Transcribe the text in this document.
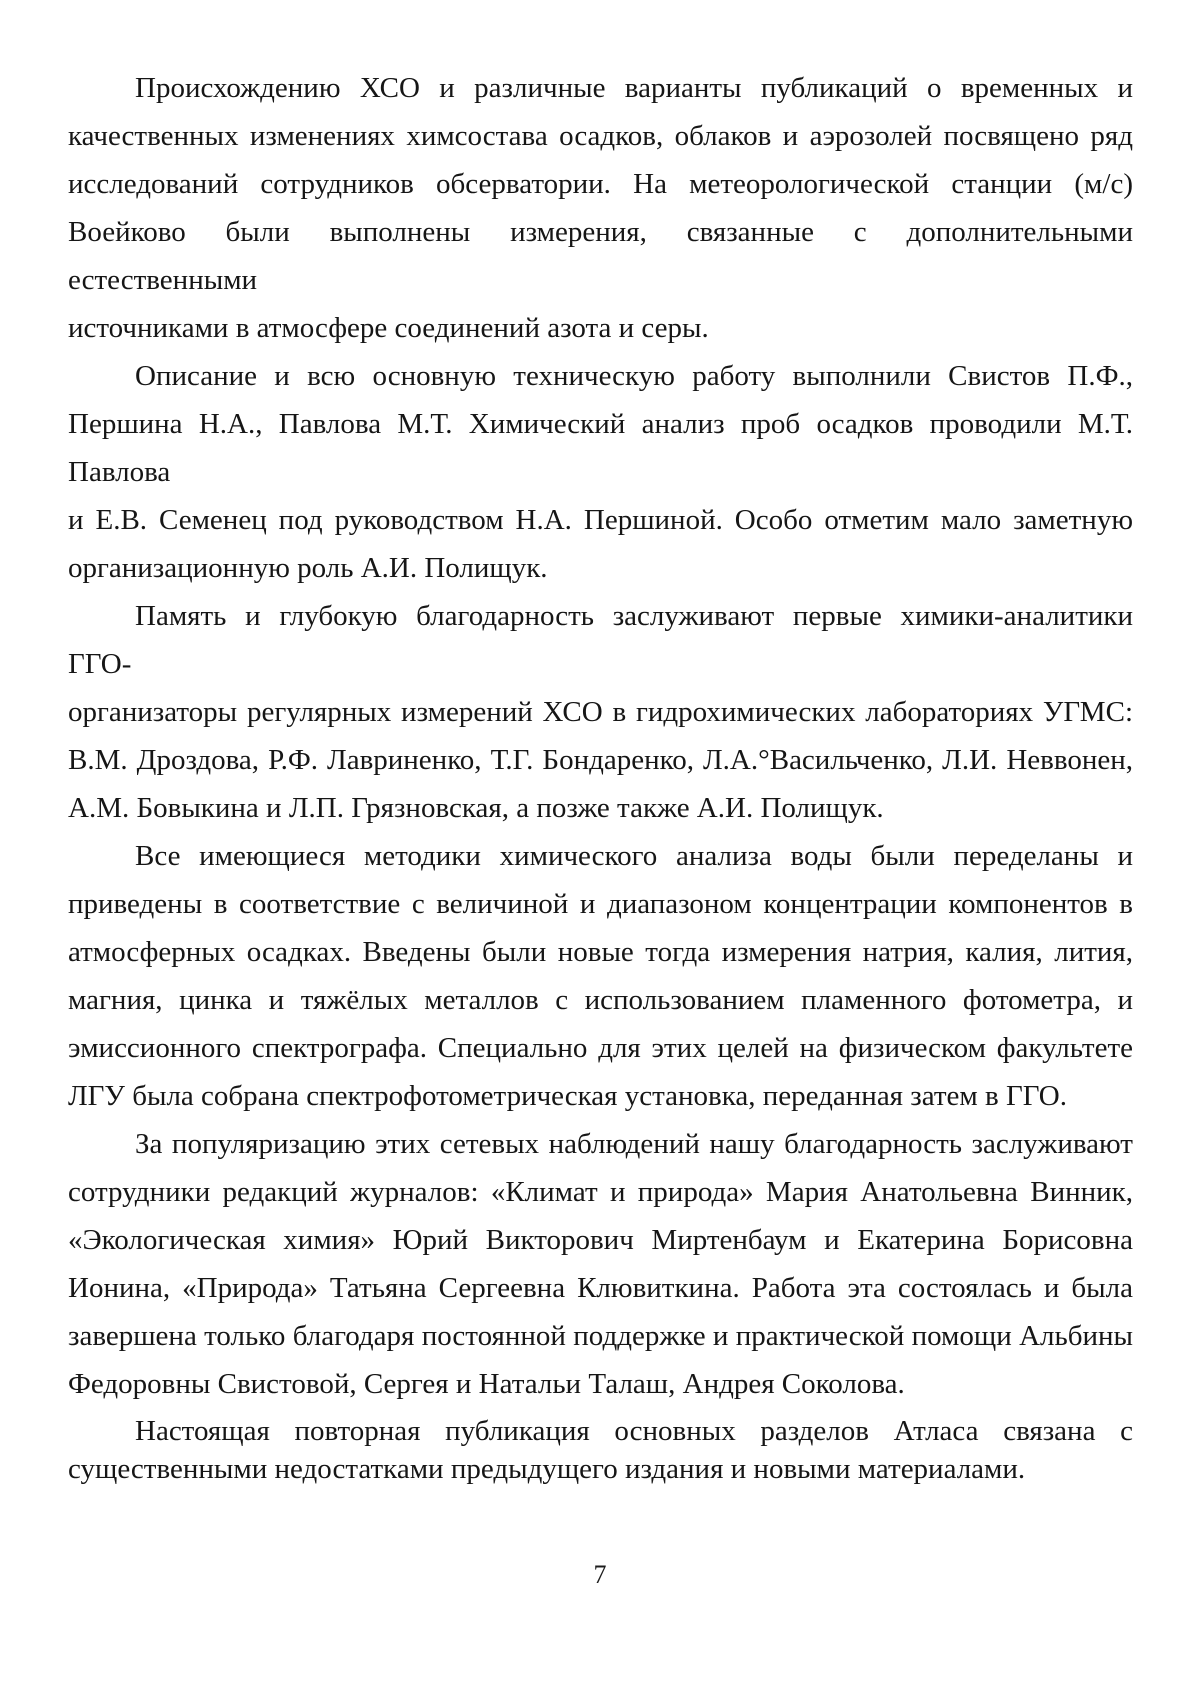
Происхождению ХСО и различные варианты публикаций о временных и
качественных изменениях химсостава осадков, облаков и аэрозолей посвящено ряд
исследований сотрудников обсерватории. На метеорологической станции (м/с)
Воейково были выполнены измерения, связанные с дополнительными естественными
источниками в атмосфере соединений азота и серы.
Описание и всю основную техническую работу выполнили Свистов П.Ф.,
Першина Н.А., Павлова М.Т. Химический анализ проб осадков проводили М.Т. Павлова
и Е.В. Семенец под руководством Н.А. Першиной. Особо отметим мало заметную
организационную роль А.И. Полищук.
Память и глубокую благодарность заслуживают первые химики-аналитики ГГО-
организаторы регулярных измерений ХСО в гидрохимических лабораториях УГМС:
В.М. Дроздова, Р.Ф. Лавриненко, Т.Г. Бондаренко, Л.А.°Васильченко, Л.И. Неввонен,
А.М. Бовыкина и Л.П. Грязновская, а позже также А.И. Полищук.
Все имеющиеся методики химического анализа воды были переделаны и
приведены в соответствие с величиной и диапазоном концентрации компонентов в
атмосферных осадках. Введены были новые тогда измерения натрия, калия, лития,
магния, цинка и тяжёлых металлов с использованием пламенного фотометра, и
эмиссионного спектрографа. Специально для этих целей на физическом факультете
ЛГУ была собрана спектрофотометрическая установка, переданная затем в ГГО.
За популяризацию этих сетевых наблюдений нашу благодарность заслуживают
сотрудники редакций журналов: «Климат и природа» Мария Анатольевна Винник,
«Экологическая химия» Юрий Викторович Миртенбаум и Екатерина Борисовна
Ионина, «Природа» Татьяна Сергеевна Клювиткина. Работа эта состоялась и была
завершена только благодаря постоянной поддержке и практической помощи Альбины
Федоровны Свистовой, Сергея и Натальи Талаш, Андрея Соколова.
Настоящая повторная публикация основных разделов Атласа связана с
существенными недостатками предыдущего издания и новыми материалами.
7
